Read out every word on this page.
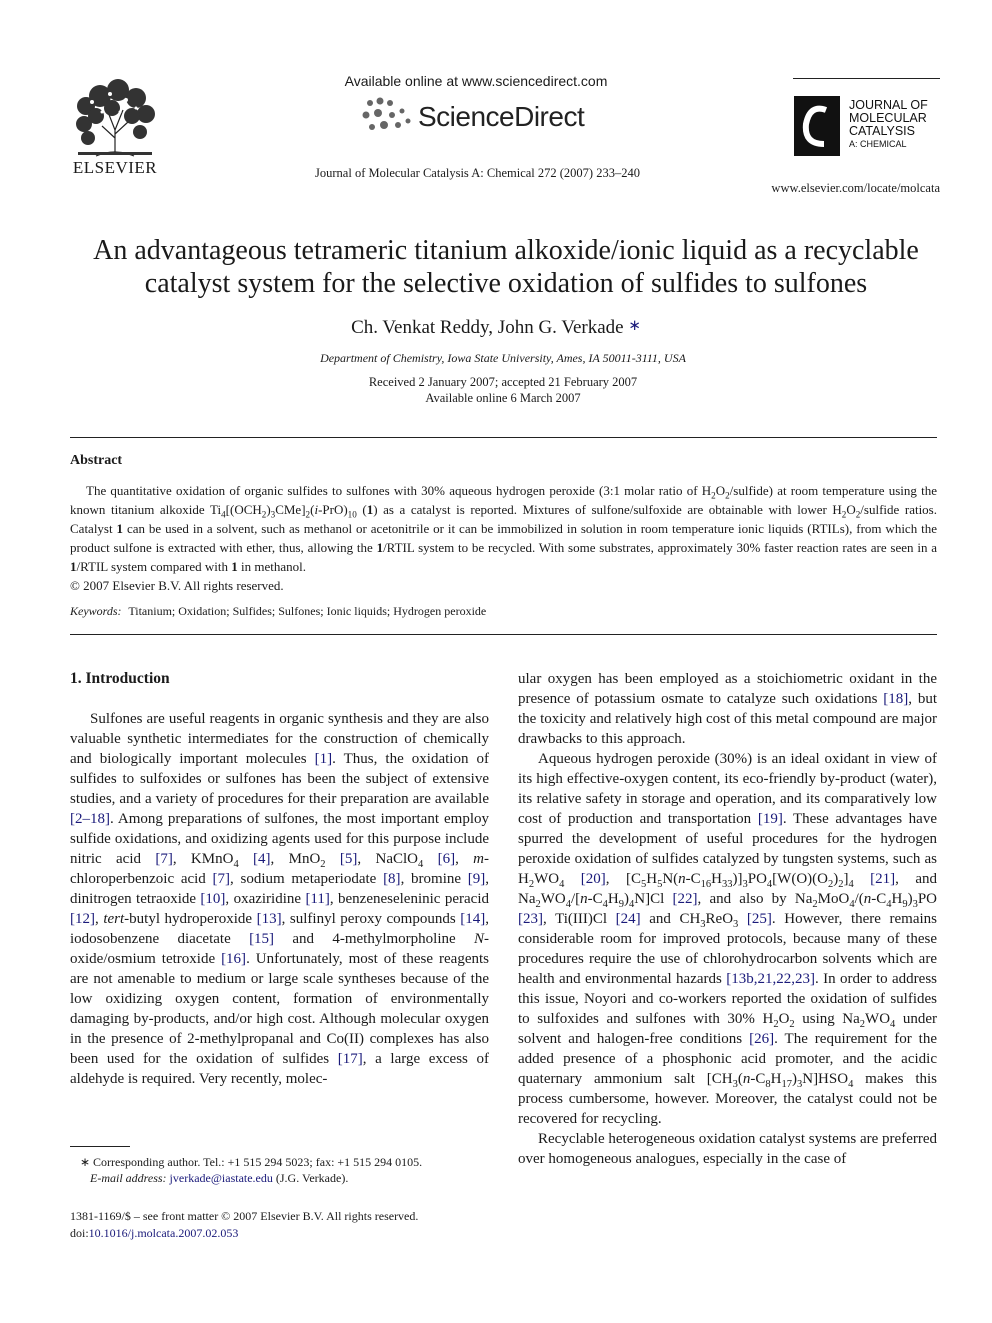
ELSEVIER
Available online at www.sciencedirect.com
ScienceDirect
Journal of Molecular Catalysis A: Chemical 272 (2007) 233–240
JOURNAL OF
MOLECULAR
CATALYSIS
A: CHEMICAL
www.elsevier.com/locate/molcata
An advantageous tetrameric titanium alkoxide/ionic liquid as a recyclable
catalyst system for the selective oxidation of sulfides to sulfones
Ch. Venkat Reddy, John G. Verkade ∗
Department of Chemistry, Iowa State University, Ames, IA 50011-3111, USA
Received 2 January 2007; accepted 21 February 2007
Available online 6 March 2007
Abstract

The quantitative oxidation of organic sulfides to sulfones with 30% aqueous hydrogen peroxide (3:1 molar ratio of $H_2O_2/sulfide$) at room temperature using the known titanium alkoxide $Ti_4[(OCH_2)_3CMe]_2(i-PrO)_{10}$ (1) as a catalyst is reported. Mixtures of sulfone/sulfoxide are obtainable with lower $H_2O_2$/sulfide ratios. Catalyst 1 can be used in a solvent, such as methanol or acetonitrile or it can be immobilized in solution in room temperature ionic liquids (RTILs), from which the product sulfone is extracted with ether, thus, allowing the 1/RTIL system to be recycled. With some substrates, approximately 30% faster reaction rates are seen in a 1/RTIL system compared with 1 in methanol.

© 2007 Elsevier B.V. All rights reserved.

Keywords: Titanium; Oxidation; Sulfides; Sulfones; Ionic liquids; Hydrogen peroxide
1. Introduction

Sulfones are useful reagents in organic synthesis and they are also valuable synthetic intermediates for the construction of chemically and biologically important molecules [1]. Thus, the oxidation of sulfides to sulfoxides or sulfones has been the subject of extensive studies, and a variety of procedures for their preparation are available [2–18]. Among preparations of sulfones, the most important employ sulfide oxidations, and oxidizing agents used for this purpose include nitric acid [7], KMnO$_4$ [4], MnO$_2$ [5], NaClO$_4$ [6], m-chloroperbenzoic acid [7], sodium metaperiodate [8], bromine [9], dinitrogen tetraoxide [10], oxaziridine [11], benzeneseleninic peracid [12], tert-butyl hydroperoxide [13], sulfinyl peroxy compounds [14], iodosobenzene diacetate [15] and 4-methylmorpholine N-oxide/osmium tetroxide [16]. Unfortunately, most of these reagents are not amenable to medium or large scale syntheses because of the low oxidizing oxygen content, formation of environmentally damaging by-products, and/or high cost. Although molecular oxygen in the presence of 2-methylpropanal and Co(II) complexes has also been used for the oxidation of sulfides [17], a large excess of aldehyde is required. Very recently, molec-

ular oxygen has been employed as a stoichiometric oxidant in the presence of potassium osmate to catalyze such oxidations [18], but the toxicity and relatively high cost of this metal compound are major drawbacks to this approach.

Aqueous hydrogen peroxide (30%) is an ideal oxidant in view of its high effective-oxygen content, its eco-friendly by-product (water), its relative safety in storage and operation, and its comparatively low cost of production and transportation [19]. These advantages have spurred the development of useful procedures for the hydrogen peroxide oxidation of sulfides catalyzed by tungsten systems, such as $H_2WO_4$ [20], $[C_5H_5N(n-C_{16}H_{33})]_3PO_4[W(O)(O_2)_2]_4$ [21], and $Na_2WO_4/[n-C_4H_9)_4N]Cl$ [22], and also by $Na_2MoO_4/(n-C_4H_9)_3PO$ [23], Ti(III)Cl [24] and $CH_3ReO_3$ [25]. However, there remains considerable room for improved protocols, because many of these procedures require the use of chlorohydrocarbon solvents which are health and environmental hazards [13b,21,22,23]. In order to address this issue, Noyori and co-workers reported the oxidation of sulfides to sulfoxides and sulfones with 30% $H_2O_2$ using $Na_2WO_4$ under solvent and halogen-free conditions [26]. The requirement for the added presence of a phosphonic acid promoter, and the acidic quaternary ammonium salt $[CH_3(n-C_8H_{17})_3N]HSO_4$ makes this process cumbersome, however. Moreover, the catalyst could not be recovered for recycling.

Recyclable heterogeneous oxidation catalyst systems are preferred over homogeneous analogues, especially in the case of

∗ Corresponding author. Tel.: +1 515 294 5023; fax: +1 515 294 0105.
E-mail address: jverkade@iastate.edu (J.G. Verkade).
1381-1169/$ – see front matter © 2007 Elsevier B.V. All rights reserved.
doi:10.1016/j.molcata.2007.02.053
